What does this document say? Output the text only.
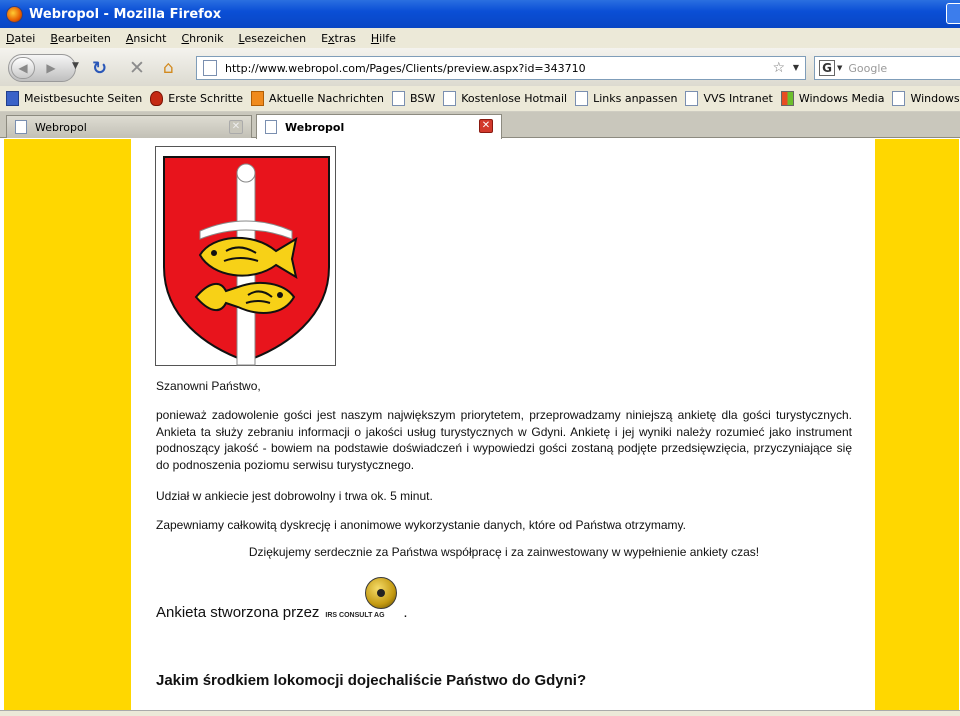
Webropol - Mozilla Firefox
Datei Bearbeiten Ansicht Chronik Lesezeichen Extras Hilfe
◀	▶	▼ ↻ ✕ ⌂	http://www.webropol.com/Pages/Clients/preview.aspx?id=343710	☆ ▼ G ▼ Google
Meistbesuchte Seiten Erste Schritte Aktuelle Nachrichten BSW Kostenlose Hotmail Links anpassen VVS Intranet Windows Media Windows
Webropol	✕	Webropol	✕
Szanowni Państwo,
ponieważ zadowolenie gości jest naszym największym priorytetem, przeprowadzamy niniejszą ankietę dla gości turystycznych. Ankieta ta służy zebraniu informacji o jakości usług turystycznych w Gdyni. Ankietę i jej wyniki należy rozumieć jako instrument podnoszący jakość - bowiem na podstawie doświadczeń i wypowiedzi gości zostaną podjęte przedsięwzięcia, przyczyniające się do podnoszenia poziomu serwisu turystycznego.
Udział w ankiecie jest dobrowolny i trwa ok. 5 minut.
Zapewniamy całkowitą dyskrecję i anonimowe wykorzystanie danych, które od Państwa otrzymamy.
Dziękujemy serdecznie za Państwa współpracę i za zainwestowany w wypełnienie ankiety czas!
Ankieta stworzona przez IRS CONSULT AG .
Jakim środkiem lokomocji dojechaliście Państwo do Gdyni?
